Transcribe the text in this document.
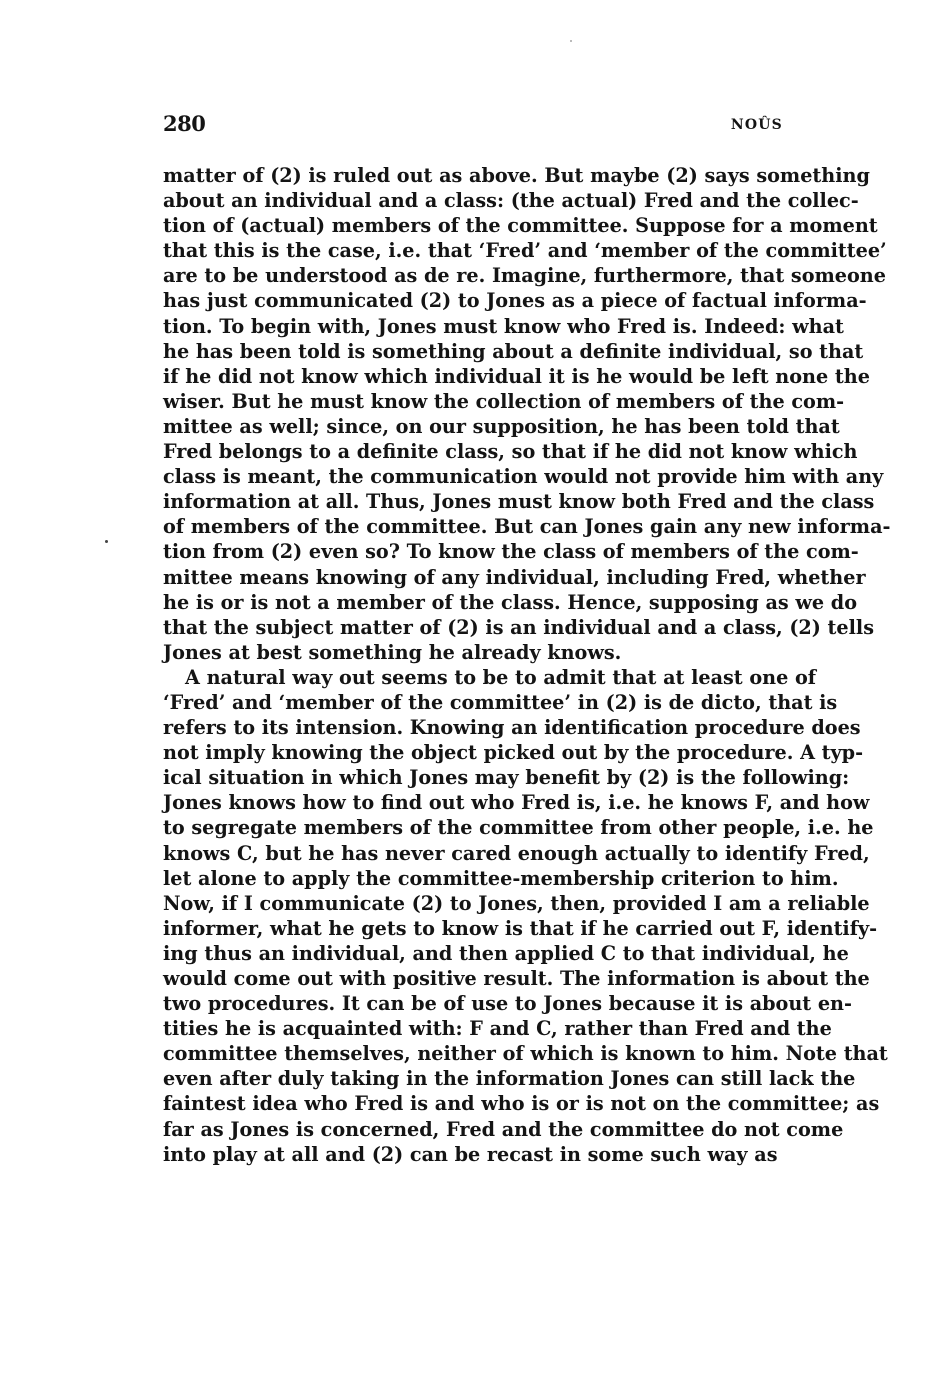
280	NOÛS
matter of (2) is ruled out as above. But maybe (2) says something
about an individual and a class: (the actual) Fred and the collec-
tion of (actual) members of the committee. Suppose for a moment
that this is the case, i.e. that ‘Fred’ and ‘member of the committee’
are to be understood as de re. Imagine, furthermore, that someone
has just communicated (2) to Jones as a piece of factual informa-
tion. To begin with, Jones must know who Fred is. Indeed: what
he has been told is something about a definite individual, so that
if he did not know which individual it is he would be left none the
wiser. But he must know the collection of members of the com-
mittee as well; since, on our supposition, he has been told that
Fred belongs to a definite class, so that if he did not know which
class is meant, the communication would not provide him with any
information at all. Thus, Jones must know both Fred and the class
of members of the committee. But can Jones gain any new informa-
tion from (2) even so? To know the class of members of the com-
mittee means knowing of any individual, including Fred, whether
he is or is not a member of the class. Hence, supposing as we do
that the subject matter of (2) is an individual and a class, (2) tells
Jones at best something he already knows.
A natural way out seems to be to admit that at least one of
‘Fred’ and ‘member of the committee’ in (2) is de dicto, that is
refers to its intension. Knowing an identification procedure does
not imply knowing the object picked out by the procedure. A typ-
ical situation in which Jones may benefit by (2) is the following:
Jones knows how to find out who Fred is, i.e. he knows F, and how
to segregate members of the committee from other people, i.e. he
knows C, but he has never cared enough actually to identify Fred,
let alone to apply the committee-membership criterion to him.
Now, if I communicate (2) to Jones, then, provided I am a reliable
informer, what he gets to know is that if he carried out F, identify-
ing thus an individual, and then applied C to that individual, he
would come out with positive result. The information is about the
two procedures. It can be of use to Jones because it is about en-
tities he is acquainted with: F and C, rather than Fred and the
committee themselves, neither of which is known to him. Note that
even after duly taking in the information Jones can still lack the
faintest idea who Fred is and who is or is not on the committee; as
far as Jones is concerned, Fred and the committee do not come
into play at all and (2) can be recast in some such way as
